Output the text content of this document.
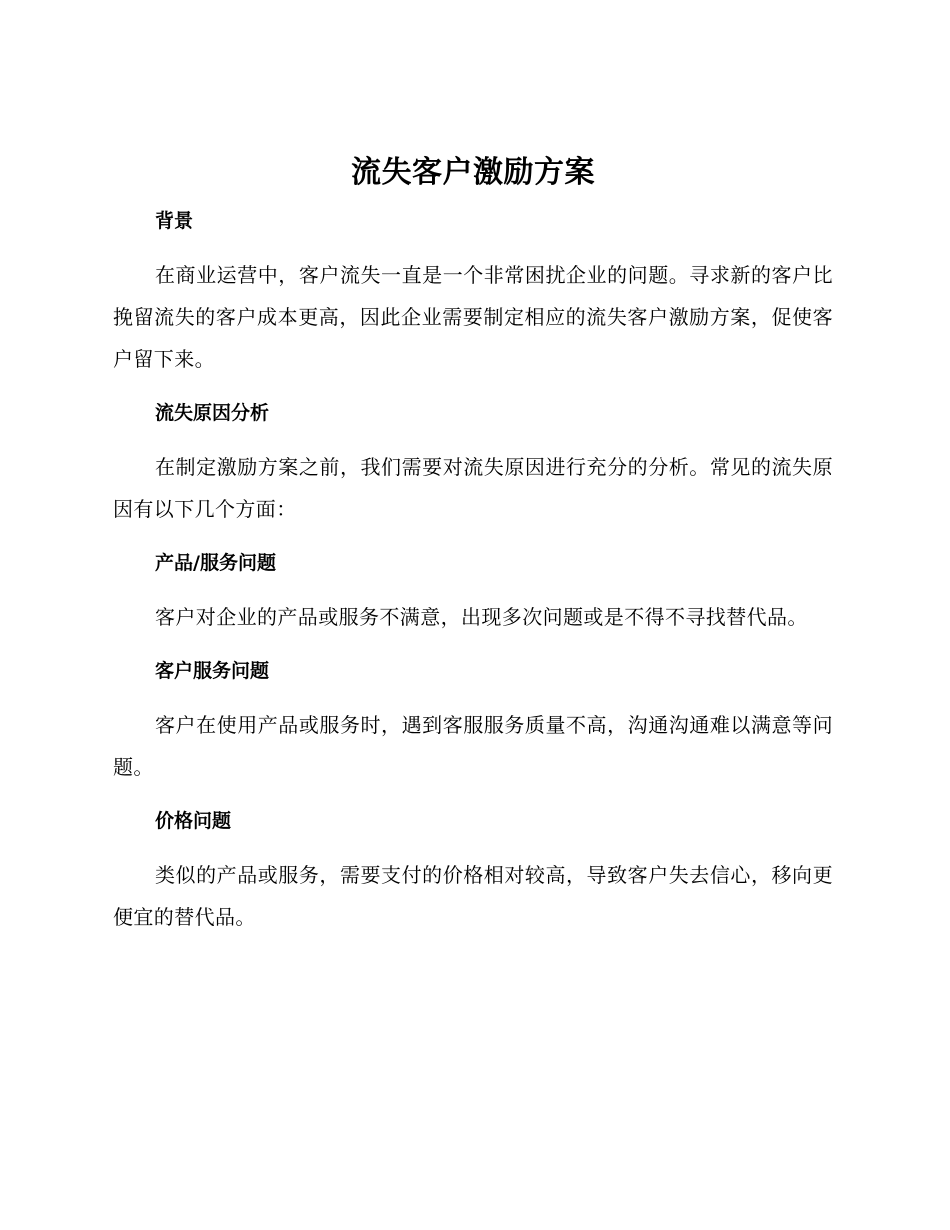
流失客户激励方案
背景

在商业运营中，客户流失一直是一个非常困扰企业的问题。寻求新的客户比挽留流失的客户成本更高，因此企业需要制定相应的流失客户激励方案，促使客户留下来。

流失原因分析

在制定激励方案之前，我们需要对流失原因进行充分的分析。常见的流失原因有以下几个方面：

产品/服务问题

客户对企业的产品或服务不满意，出现多次问题或是不得不寻找替代品。

客户服务问题

客户在使用产品或服务时，遇到客服服务质量不高，沟通沟通难以满意等问题。

价格问题

类似的产品或服务，需要支付的价格相对较高，导致客户失去信心，移向更便宜的替代品。
